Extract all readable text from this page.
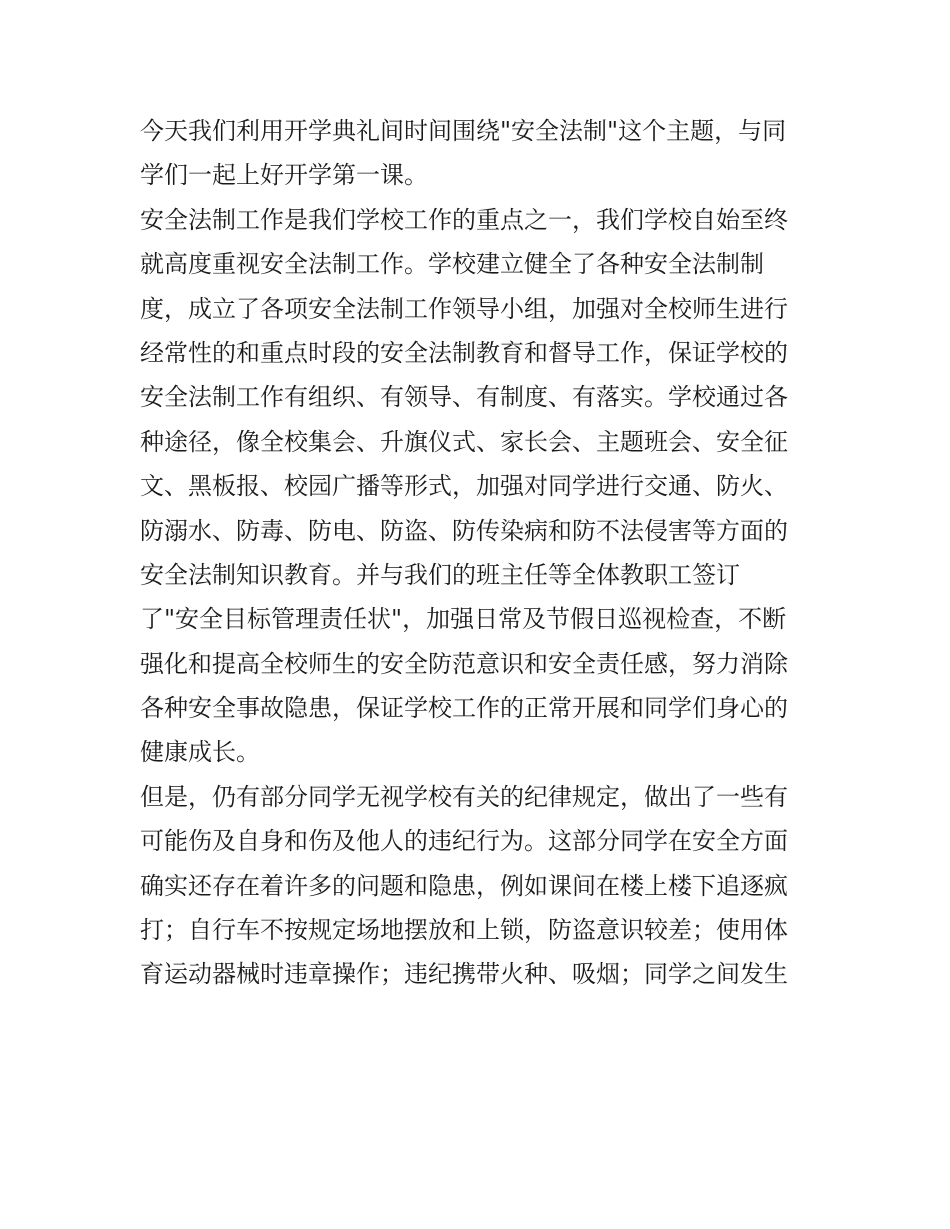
今天我们利用开学典礼间时间围绕"安全法制"这个主题，与同
学们一起上好开学第一课。
安全法制工作是我们学校工作的重点之一，我们学校自始至终
就高度重视安全法制工作。学校建立健全了各种安全法制制
度，成立了各项安全法制工作领导小组，加强对全校师生进行
经常性的和重点时段的安全法制教育和督导工作，保证学校的
安全法制工作有组织、有领导、有制度、有落实。学校通过各
种途径，像全校集会、升旗仪式、家长会、主题班会、安全征
文、黑板报、校园广播等形式，加强对同学进行交通、防火、
防溺水、防毒、防电、防盗、防传染病和防不法侵害等方面的
安全法制知识教育。并与我们的班主任等全体教职工签订
了"安全目标管理责任状"，加强日常及节假日巡视检查，不断
强化和提高全校师生的安全防范意识和安全责任感，努力消除
各种安全事故隐患，保证学校工作的正常开展和同学们身心的
健康成长。
但是，仍有部分同学无视学校有关的纪律规定，做出了一些有
可能伤及自身和伤及他人的违纪行为。这部分同学在安全方面
确实还存在着许多的问题和隐患，例如课间在楼上楼下追逐疯
打；自行车不按规定场地摆放和上锁，防盗意识较差；使用体
育运动器械时违章操作；违纪携带火种、吸烟；同学之间发生
